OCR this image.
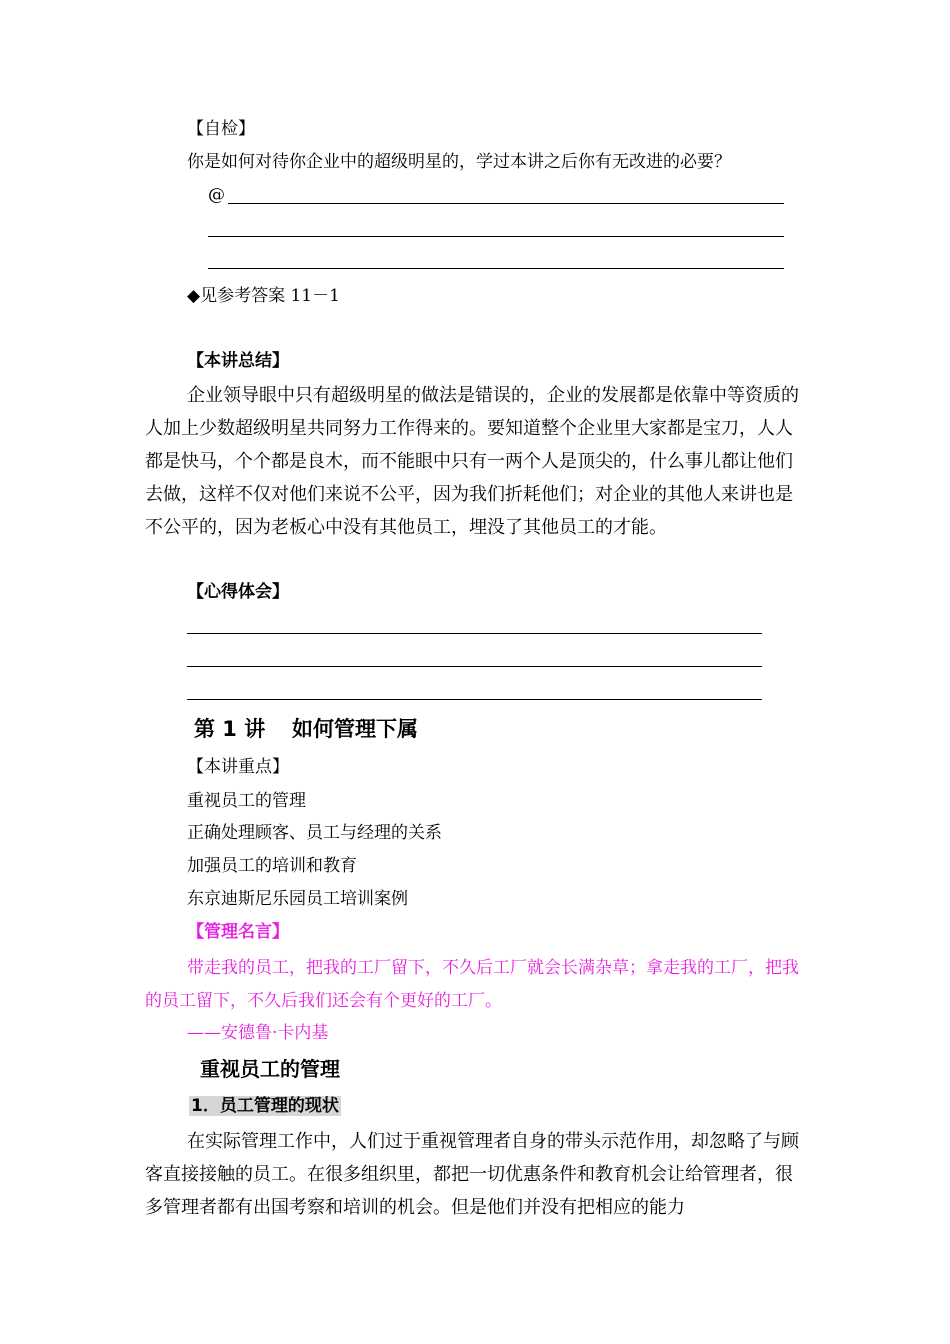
【自检】
你是如何对待你企业中的超级明星的，学过本讲之后你有无改进的必要？
@
◆见参考答案 11－1
【本讲总结】
企业领导眼中只有超级明星的做法是错误的，企业的发展都是依靠中等资质的人加上少数超级明星共同努力工作得来的。要知道整个企业里大家都是宝刀，人人都是快马，个个都是良木，而不能眼中只有一两个人是顶尖的，什么事儿都让他们去做，这样不仅对他们来说不公平，因为我们折耗他们；对企业的其他人来讲也是不公平的，因为老板心中没有其他员工，埋没了其他员工的才能。
【心得体会】
第 1 讲 如何管理下属
【本讲重点】
重视员工的管理
正确处理顾客、员工与经理的关系
加强员工的培训和教育
东京迪斯尼乐园员工培训案例
【管理名言】
带走我的员工，把我的工厂留下，不久后工厂就会长满杂草；拿走我的工厂，把我的员工留下，不久后我们还会有个更好的工厂。
——安德鲁·卡内基
重视员工的管理
1．员工管理的现状
在实际管理工作中，人们过于重视管理者自身的带头示范作用，却忽略了与顾客直接接触的员工。在很多组织里，都把一切优惠条件和教育机会让给管理者，很多管理者都有出国考察和培训的机会。但是他们并没有把相应的能力
